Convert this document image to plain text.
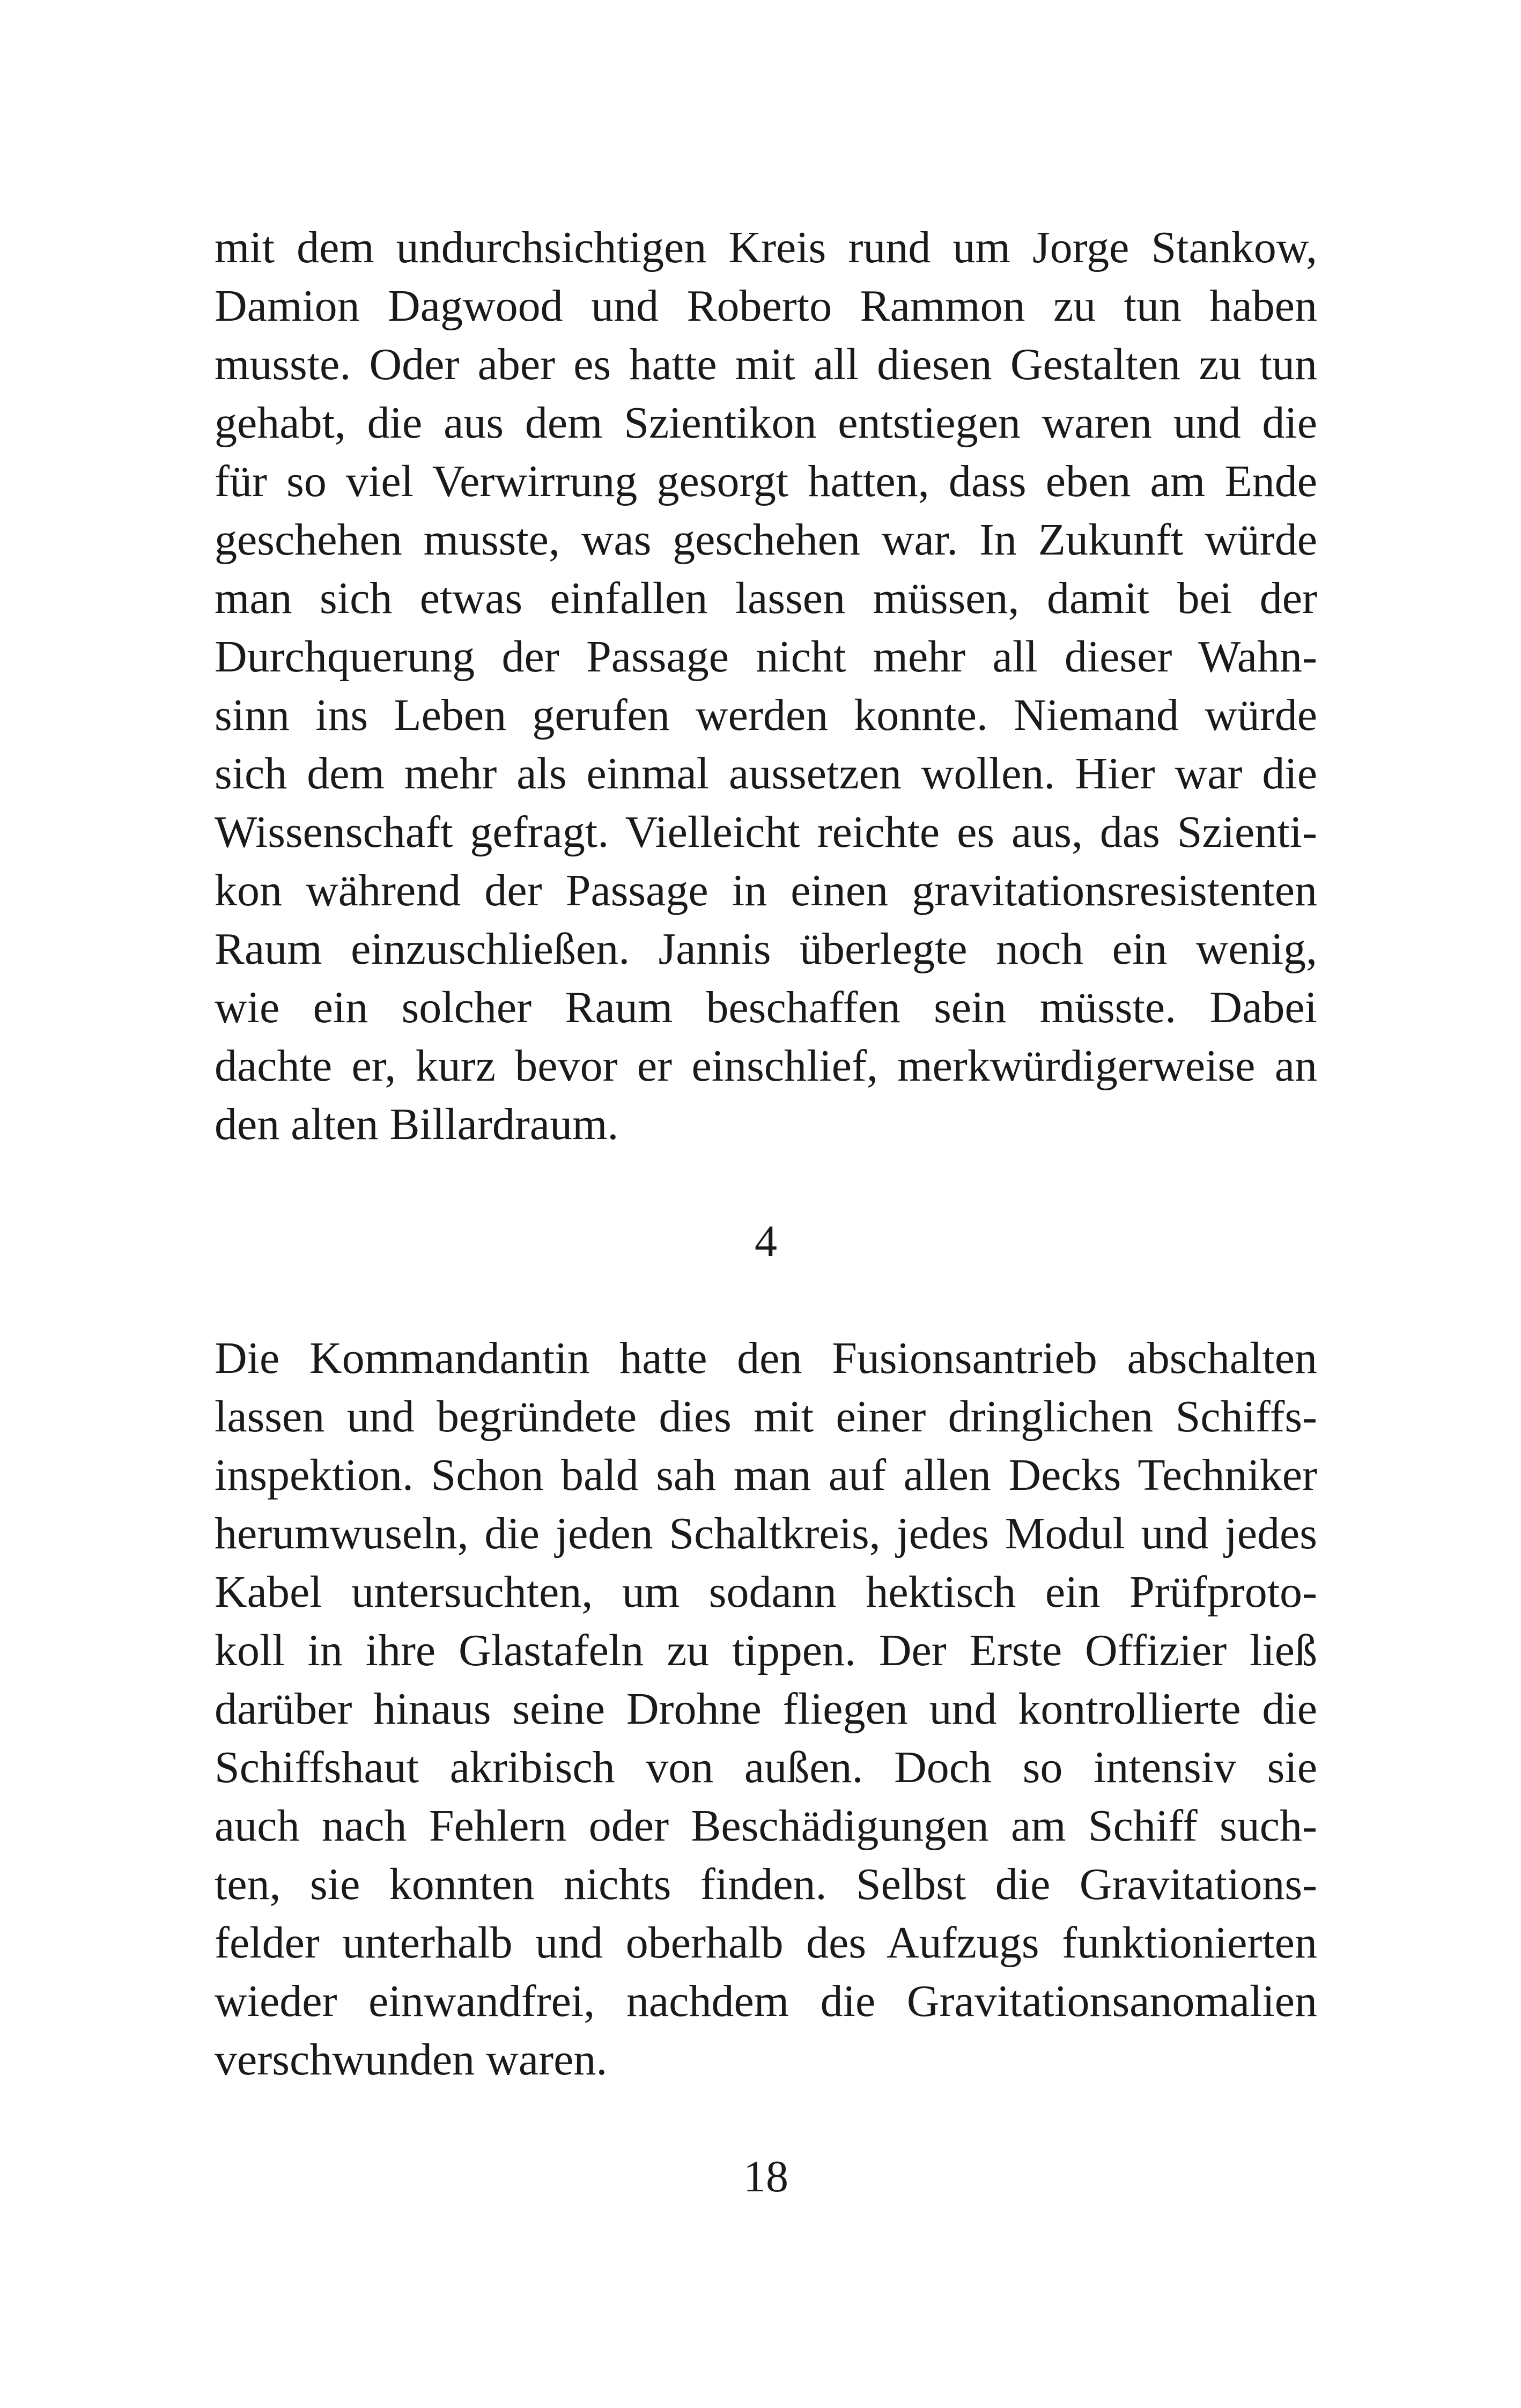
mit dem undurchsichtigen Kreis rund um Jorge Stankow,
Damion Dagwood und Roberto Rammon zu tun haben
musste. Oder aber es hatte mit all diesen Gestalten zu tun
gehabt, die aus dem Szientikon entstiegen waren und die
für so viel Verwirrung gesorgt hatten, dass eben am Ende
geschehen musste, was geschehen war. In Zukunft würde
man sich etwas einfallen lassen müssen, damit bei der
Durchquerung der Passage nicht mehr all dieser Wahn-
sinn ins Leben gerufen werden konnte. Niemand würde
sich dem mehr als einmal aussetzen wollen. Hier war die
Wissenschaft gefragt. Vielleicht reichte es aus, das Szienti-
kon während der Passage in einen gravitationsresistenten
Raum einzuschließen. Jannis überlegte noch ein wenig,
wie ein solcher Raum beschaffen sein müsste. Dabei
dachte er, kurz bevor er einschlief, merkwürdigerweise an
den alten Billardraum.
4
Die Kommandantin hatte den Fusionsantrieb abschalten
lassen und begründete dies mit einer dringlichen Schiffs-
inspektion. Schon bald sah man auf allen Decks Techniker
herumwuseln, die jeden Schaltkreis, jedes Modul und jedes
Kabel untersuchten, um sodann hektisch ein Prüfproto-
koll in ihre Glastafeln zu tippen. Der Erste Offizier ließ
darüber hinaus seine Drohne fliegen und kontrollierte die
Schiffshaut akribisch von außen. Doch so intensiv sie
auch nach Fehlern oder Beschädigungen am Schiff such-
ten, sie konnten nichts finden. Selbst die Gravitations-
felder unterhalb und oberhalb des Aufzugs funktionierten
wieder einwandfrei, nachdem die Gravitationsanomalien
verschwunden waren.
18
